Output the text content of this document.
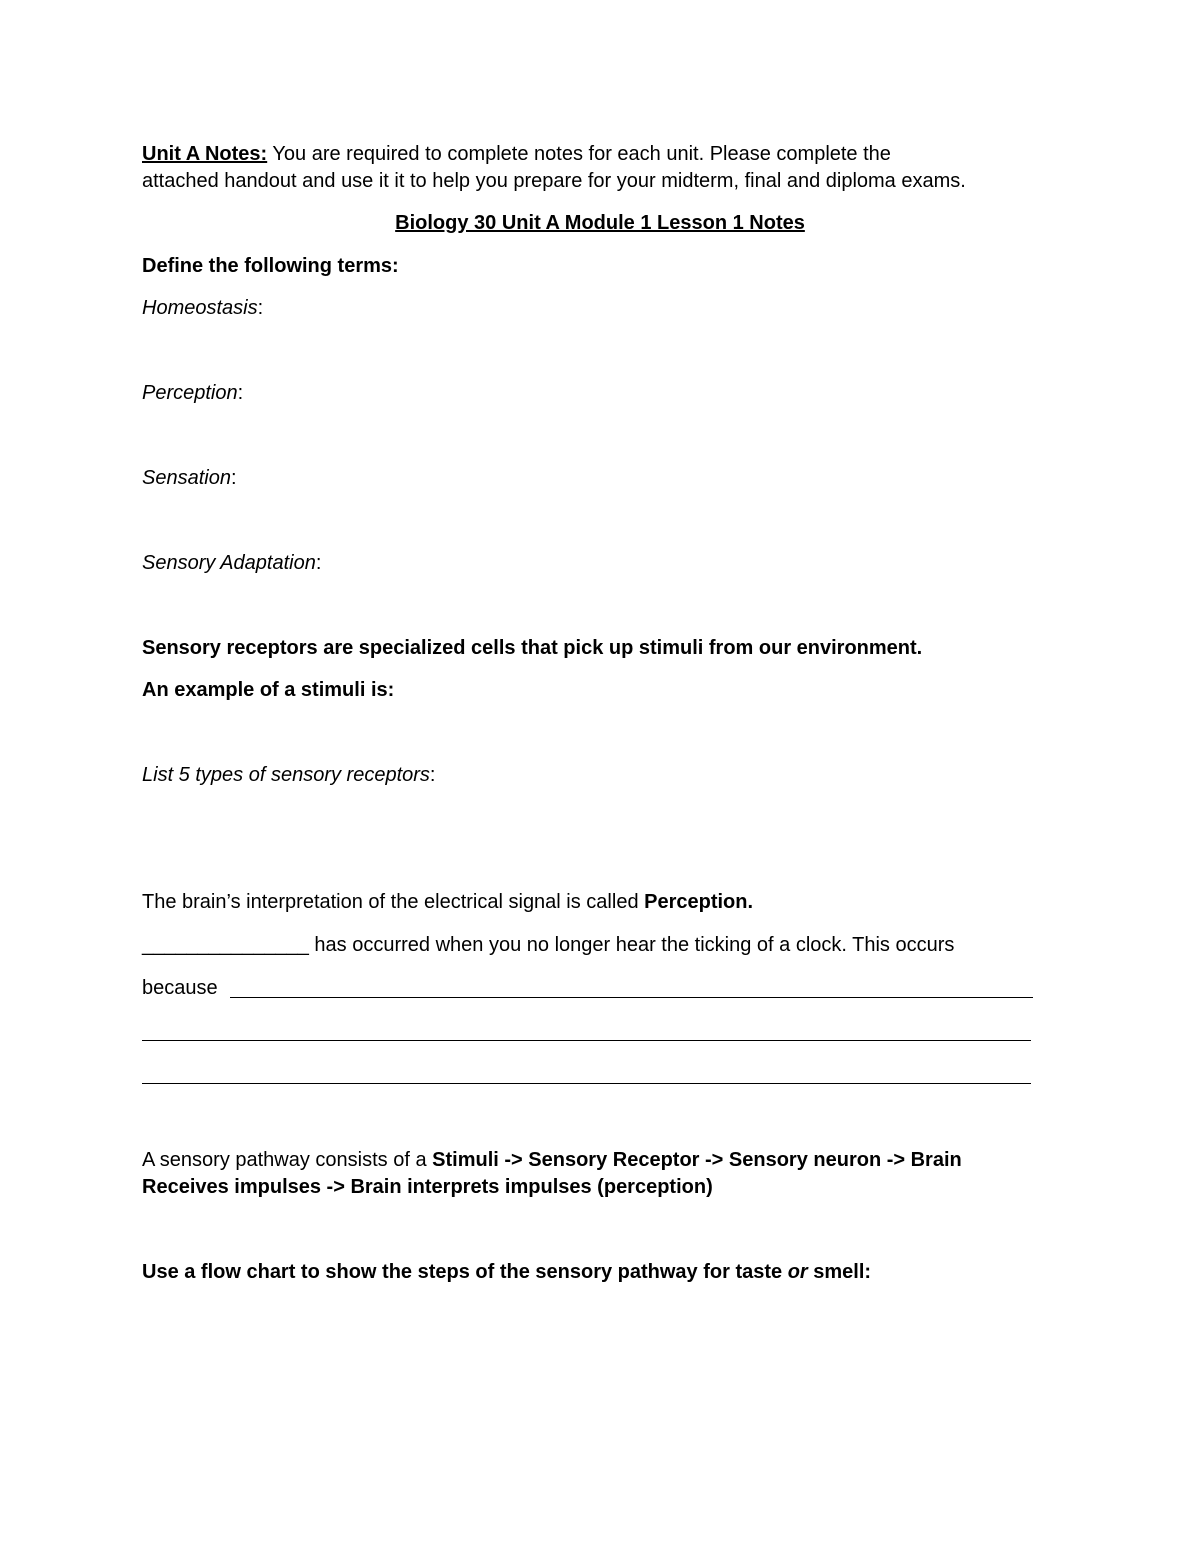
Unit A Notes: You are required to complete notes for each unit. Please complete the
attached handout and use it it to help you prepare for your midterm, final and diploma exams.
Biology 30 Unit A Module 1 Lesson 1 Notes
Define the following terms:
Homeostasis:
Perception:
Sensation:
Sensory Adaptation:
Sensory receptors are specialized cells that pick up stimuli from our environment.
An example of a stimuli is:
List 5 types of sensory receptors:
The brain’s interpretation of the electrical signal is called Perception.
_______________ has occurred when you no longer hear the ticking of a clock. This occurs
because
A sensory pathway consists of a Stimuli -> Sensory Receptor -> Sensory neuron -> Brain
Receives impulses -> Brain interprets impulses (perception)
Use a flow chart to show the steps of the sensory pathway for taste or smell:
